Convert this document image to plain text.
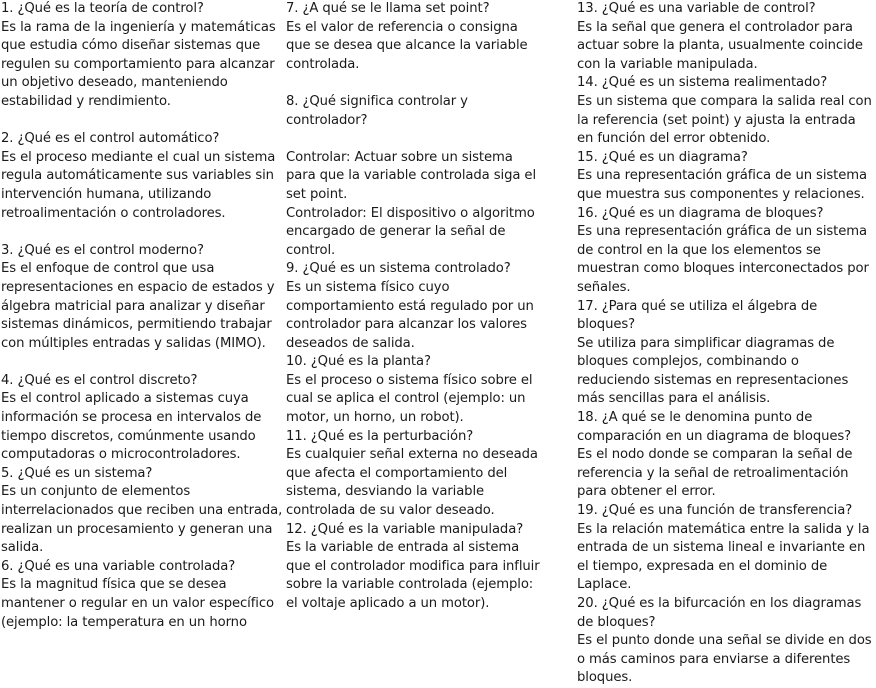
1. ¿Qué es la teoría de control?

Es la rama de la ingeniería y matemáticas que estudia cómo diseñar sistemas que regulen su comportamiento para alcanzar un objetivo deseado, manteniendo estabilidad y rendimiento.

2. ¿Qué es el control automático?

Es el proceso mediante el cual un sistema regula automáticamente sus variables sin intervención humana, utilizando retroalimentación o controladores.

3. ¿Qué es el control moderno?

Es el enfoque de control que usa representaciones en espacio de estados y álgebra matricial para analizar y diseñar sistemas dinámicos, permitiendo trabajar con múltiples entradas y salidas (MIMO).

4. ¿Qué es el control discreto?

Es el control aplicado a sistemas cuya información se procesa en intervalos de tiempo discretos, comúnmente usando computadoras o microcontroladores.

5. ¿Qué es un sistema?

Es un conjunto de elementos interrelacionados que reciben una entrada, realizan un procesamiento y generan una salida.

6. ¿Qué es una variable controlada?

Es la magnitud física que se desea mantener o regular en un valor específico (ejemplo: la temperatura en un horno

7. ¿A qué se le llama set point?

Es el valor de referencia o consigna que se desea que alcance la variable controlada.

8. ¿Qué significa controlar y controlador?

Controlar: Actuar sobre un sistema para que la variable controlada siga el set point.

Controlador: El dispositivo o algoritmo encargado de generar la señal de control.

9. ¿Qué es un sistema controlado?

Es un sistema físico cuyo comportamiento está regulado por un controlador para alcanzar los valores deseados de salida.

10. ¿Qué es la planta?

Es el proceso o sistema físico sobre el cual se aplica el control (ejemplo: un motor, un horno, un robot).

11. ¿Qué es la perturbación?

Es cualquier señal externa no deseada que afecta el comportamiento del sistema, desviando la variable controlada de su valor deseado.

12. ¿Qué es la variable manipulada?

Es la variable de entrada al sistema que el controlador modifica para influir sobre la variable controlada (ejemplo: el voltaje aplicado a un motor).

13. ¿Qué es una variable de control?

Es la señal que genera el controlador para actuar sobre la planta, usualmente coincide con la variable manipulada.

14. ¿Qué es un sistema realimentado?

Es un sistema que compara la salida real con la referencia (set point) y ajusta la entrada en función del error obtenido.

15. ¿Qué es un diagrama?

Es una representación gráfica de un sistema que muestra sus componentes y relaciones.

16. ¿Qué es un diagrama de bloques?

Es una representación gráfica de un sistema de control en la que los elementos se muestran como bloques interconectados por señales.

17. ¿Para qué se utiliza el álgebra de bloques?

Se utiliza para simplificar diagramas de bloques complejos, combinando o reduciendo sistemas en representaciones más sencillas para el análisis.

18. ¿A qué se le denomina punto de comparación en un diagrama de bloques?

Es el nodo donde se comparan la señal de referencia y la señal de retroalimentación para obtener el error.

19. ¿Qué es una función de transferencia?

Es la relación matemática entre la salida y la entrada de un sistema lineal e invariante en el tiempo, expresada en el dominio de Laplace.

20. ¿Qué es la bifurcación en los diagramas de bloques?

Es el punto donde una señal se divide en dos o más caminos para enviarse a diferentes bloques.
